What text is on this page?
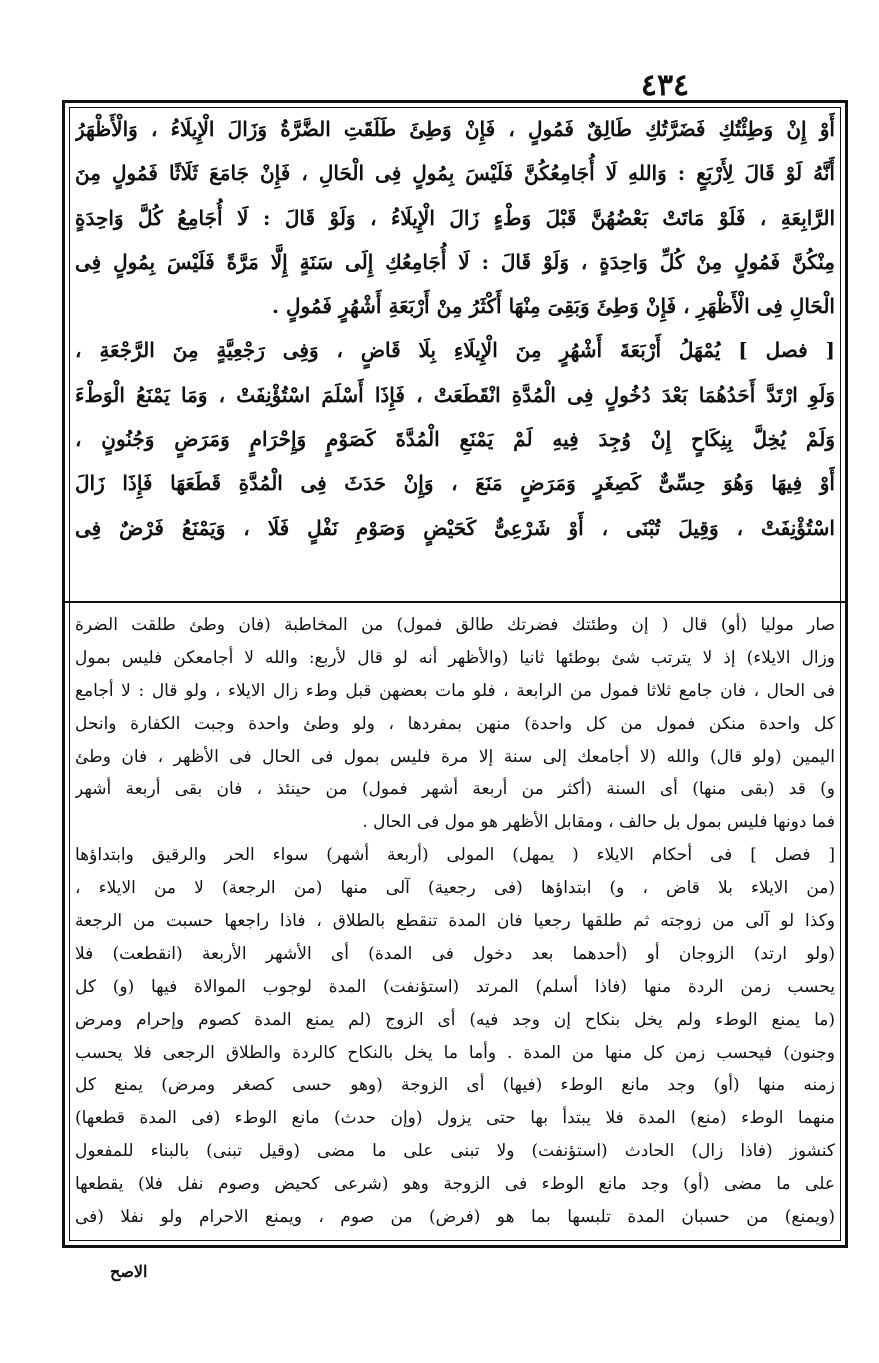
٤٣٤
أَوْ إِنْ وَطِئْتُكِ فَضَرَّتُكِ طَالِقٌ فَمُولٍ ، فَإِنْ وَطِئَ طَلَقَتِ الضَّرَّةُ وَزَالَ الْإِيلَاءُ ، وَالْأَظْهَرُ
أَنَّهُ لَوْ قَالَ لِأَرْبَعٍ : وَاللهِ لَا أُجَامِعُكُنَّ فَلَيْسَ بِمُولٍ فِى الْحَالِ ، فَإِنْ جَامَعَ ثَلَاثًا فَمُولٍ مِنَ
الرَّابِعَةِ ، فَلَوْ مَاتَتْ بَعْضُهُنَّ قَبْلَ وَطْءٍ زَالَ الْإِيلَاءُ ، وَلَوْ قَالَ : لَا أُجَامِعُ كُلَّ وَاحِدَةٍ
مِنْكُنَّ فَمُولٍ مِنْ كُلِّ وَاحِدَةٍ ، وَلَوْ قَالَ : لَا أُجَامِعُكِ إِلَى سَنَةٍ إِلَّا مَرَّةً فَلَيْسَ بِمُولٍ فِى
الْحَالِ فِى الْأَظْهَرِ ، فَإِنْ وَطِئَ وَبَقِىَ مِنْهَا أَكْثَرُ مِنْ أَرْبَعَةِ أَشْهُرٍ فَمُولٍ .
[ فصل ] يُمْهَلُ أَرْبَعَةَ أَشْهُرٍ مِنَ الْإِيلَاءِ بِلَا قَاضٍ ، وَفِى رَجْعِيَّةٍ مِنَ الرَّجْعَةِ ،
وَلَوِ ارْتَدَّ أَحَدُهُمَا بَعْدَ دُخُولٍ فِى الْمُدَّةِ انْقَطَعَتْ ، فَإِذَا أَسْلَمَ اسْتُؤْنِفَتْ ، وَمَا يَمْنَعُ الْوَطْءَ
وَلَمْ يُخِلَّ بِنِكَاحٍ إِنْ وُجِدَ فِيهِ لَمْ يَمْنَعِ الْمُدَّةَ كَصَوْمٍ وَإِحْرَامٍ وَمَرَضٍ وَجُنُونٍ ،
أَوْ فِيهَا وَهُوَ حِسِّىٌّ كَصِغَرٍ وَمَرَضٍ مَنَعَ ، وَإِنْ حَدَثَ فِى الْمُدَّةِ قَطَعَهَا فَإِذَا زَالَ
اسْتُؤْنِفَتْ ، وَقِيلَ تُبْنَى ، أَوْ شَرْعِىٌّ كَحَيْضٍ وَصَوْمِ نَفْلٍ فَلَا ، وَيَمْنَعُ فَرْضٌ فِى
صار موليا (أو) قال ( إن وطئتك فضرتك طالق فمول) من المخاطبة (فان وطئ طلقت الضرة
وزال الايلاء) إذ لا يترتب شئ بوطئها ثانيا (والأظهر أنه لو قال لأربع: والله لا أجامعكن فليس بمول
فى الحال ، فان جامع ثلاثا فمول من الرابعة ، فلو مات بعضهن قبل وطء زال الايلاء ، ولو قال : لا أجامع
كل واحدة منكن فمول من كل واحدة) منهن بمفردها ، ولو وطئ واحدة وجبت الكفارة وانحل
اليمين (ولو قال) والله (لا أجامعك إلى سنة إلا مرة فليس بمول فى الحال فى الأظهر ، فان وطئ
و) قد (بقى منها) أى السنة (أكثر من أربعة أشهر فمول) من حينئذ ، فان بقى أربعة أشهر
فما دونها فليس بمول بل حالف ، ومقابل الأظهر هو مول فى الحال .
[ فصل ] فى أحكام الايلاء ( يمهل) المولى (أربعة أشهر) سواء الحر والرقيق وابتداؤها
(من الايلاء بلا قاض ، و) ابتداؤها (فى رجعية) آلى منها (من الرجعة) لا من الايلاء ،
وكذا لو آلى من زوجته ثم طلقها رجعيا فان المدة تنقطع بالطلاق ، فاذا راجعها حسبت من الرجعة
(ولو ارتد) الزوجان أو (أحدهما بعد دخول فى المدة) أى الأشهر الأربعة (انقطعت) فلا
يحسب زمن الردة منها (فاذا أسلم) المرتد (استؤنفت) المدة لوجوب الموالاة فيها (و) كل
(ما يمنع الوطء ولم يخل بنكاح إن وجد فيه) أى الزوج (لم يمنع المدة كصوم وإحرام ومرض
وجنون) فيحسب زمن كل منها من المدة . وأما ما يخل بالنكاح كالردة والطلاق الرجعى فلا يحسب
زمنه منها (أو) وجد مانع الوطء (فيها) أى الزوجة (وهو حسى كصغر ومرض) يمنع كل
منهما الوطء (منع) المدة فلا يبتدأ بها حتى يزول (وإن حدث) مانع الوطء (فى المدة قطعها)
كنشوز (فاذا زال) الحادث (استؤنفت) ولا تبنى على ما مضى (وقيل تبنى) بالبناء للمفعول
على ما مضى (أو) وجد مانع الوطء فى الزوجة وهو (شرعى كحيض وصوم نفل فلا) يقطعها
(ويمنع) من حسبان المدة تلبسها بما هو (فرض) من صوم ، ويمنع الاحرام ولو نفلا (فى
الاصح
